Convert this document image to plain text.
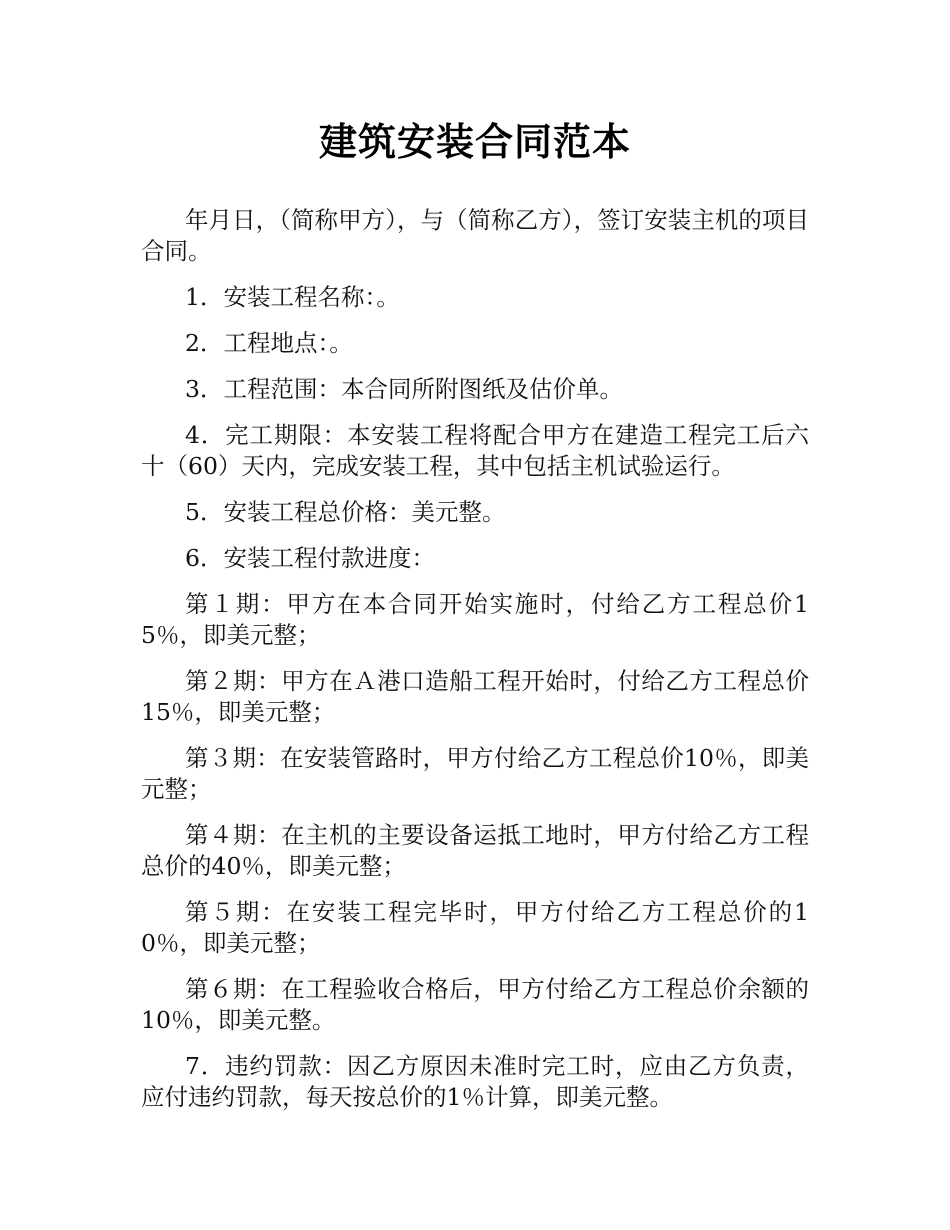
建筑安装合同范本

年月日，（简称甲方），与（简称乙方），签订安装主机的项目合同。

1．安装工程名称：。

2．工程地点：。

3．工程范围：本合同所附图纸及估价单。

4．完工期限：本安装工程将配合甲方在建造工程完工后六十（60）天内，完成安装工程，其中包括主机试验运行。

5．安装工程总价格：美元整。

6．安装工程付款进度：

第１期：甲方在本合同开始实施时，付给乙方工程总价15％，即美元整；

第２期：甲方在Ａ港口造船工程开始时，付给乙方工程总价15％，即美元整；

第３期：在安装管路时，甲方付给乙方工程总价10％，即美元整；

第４期：在主机的主要设备运抵工地时，甲方付给乙方工程总价的40％，即美元整；

第５期：在安装工程完毕时，甲方付给乙方工程总价的10％，即美元整；

第６期：在工程验收合格后，甲方付给乙方工程总价余额的10％，即美元整。

7．违约罚款：因乙方原因未准时完工时，应由乙方负责，应付违约罚款，每天按总价的1％计算，即美元整。
